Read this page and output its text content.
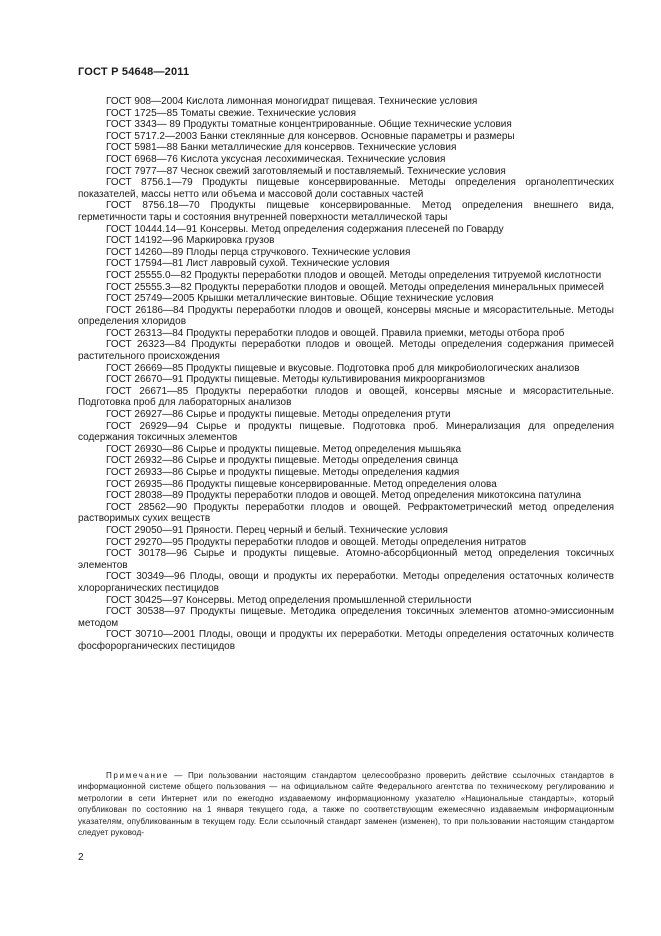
ГОСТ Р 54648—2011

ГОСТ 908—2004 Кислота лимонная моногидрат пищевая. Технические условия

ГОСТ 1725—85 Томаты свежие. Технические условия

ГОСТ 3343— 89 Продукты томатные концентрированные. Общие технические условия

ГОСТ 5717.2—2003 Банки стеклянные для консервов. Основные параметры и размеры

ГОСТ 5981—88 Банки металлические для консервов. Технические условия

ГОСТ 6968—76 Кислота уксусная лесохимическая. Технические условия

ГОСТ 7977—87 Чеснок свежий заготовляемый и поставляемый. Технические условия

ГОСТ 8756.1—79 Продукты пищевые консервированные. Методы определения органолептических показателей, массы нетто или объема и массовой доли составных частей

ГОСТ 8756.18—70 Продукты пищевые консервированные. Метод определения внешнего вида, герметичности тары и состояния внутренней поверхности металлической тары

ГОСТ 10444.14—91 Консервы. Метод определения содержания плесеней по Говарду

ГОСТ 14192—96 Маркировка грузов

ГОСТ 14260—89 Плоды перца стручкового. Технические условия

ГОСТ 17594—81 Лист лавровый сухой. Технические условия

ГОСТ 25555.0—82 Продукты переработки плодов и овощей. Методы определения титруемой кислотности

ГОСТ 25555.3—82 Продукты переработки плодов и овощей. Методы определения минеральных примесей

ГОСТ 25749—2005 Крышки металлические винтовые. Общие технические условия

ГОСТ 26186—84 Продукты переработки плодов и овощей, консервы мясные и мясорастительные. Методы определения хлоридов

ГОСТ 26313—84 Продукты переработки плодов и овощей. Правила приемки, методы отбора проб

ГОСТ 26323—84 Продукты переработки плодов и овощей. Методы определения содержания примесей растительного происхождения

ГОСТ 26669—85 Продукты пищевые и вкусовые. Подготовка проб для микробиологических анализов

ГОСТ 26670—91 Продукты пищевые. Методы культивирования микроорганизмов

ГОСТ 26671—85 Продукты переработки плодов и овощей, консервы мясные и мясорастительные. Подготовка проб для лабораторных анализов

ГОСТ 26927—86 Сырье и продукты пищевые. Методы определения ртути

ГОСТ 26929—94 Сырье и продукты пищевые. Подготовка проб. Минерализация для определения содержания токсичных элементов

ГОСТ 26930—86 Сырье и продукты пищевые. Метод определения мышьяка

ГОСТ 26932—86 Сырье и продукты пищевые. Методы определения свинца

ГОСТ 26933—86 Сырье и продукты пищевые. Методы определения кадмия

ГОСТ 26935—86 Продукты пищевые консервированные. Метод определения олова

ГОСТ 28038—89 Продукты переработки плодов и овощей. Метод определения микотоксина патулина

ГОСТ 28562—90 Продукты переработки плодов и овощей. Рефрактометрический метод определения растворимых сухих веществ

ГОСТ 29050—91 Пряности. Перец черный и белый. Технические условия

ГОСТ 29270—95 Продукты переработки плодов и овощей. Методы определения нитратов

ГОСТ 30178—96 Сырье и продукты пищевые. Атомно-абсорбционный метод определения токсичных элементов

ГОСТ 30349—96 Плоды, овощи и продукты их переработки. Методы определения остаточных количеств хлорорганических пестицидов

ГОСТ 30425—97 Консервы. Метод определения промышленной стерильности

ГОСТ 30538—97 Продукты пищевые. Методика определения токсичных элементов атомно-эмиссионным методом

ГОСТ 30710—2001 Плоды, овощи и продукты их переработки. Методы определения остаточных количеств фосфорорганических пестицидов

Примечание — При пользовании настоящим стандартом целесообразно проверить действие ссылочных стандартов в информационной системе общего пользования — на официальном сайте Федерального агентства по техническому регулированию и метрологии в сети Интернет или по ежегодно издаваемому информационному указателю «Национальные стандарты», который опубликован по состоянию на 1 января текущего года, а также по соответствующим ежемесячно издаваемым информационным указателям, опубликованным в текущем году. Если ссылочный стандарт заменен (изменен), то при пользовании настоящим стандартом следует руковод-

2
